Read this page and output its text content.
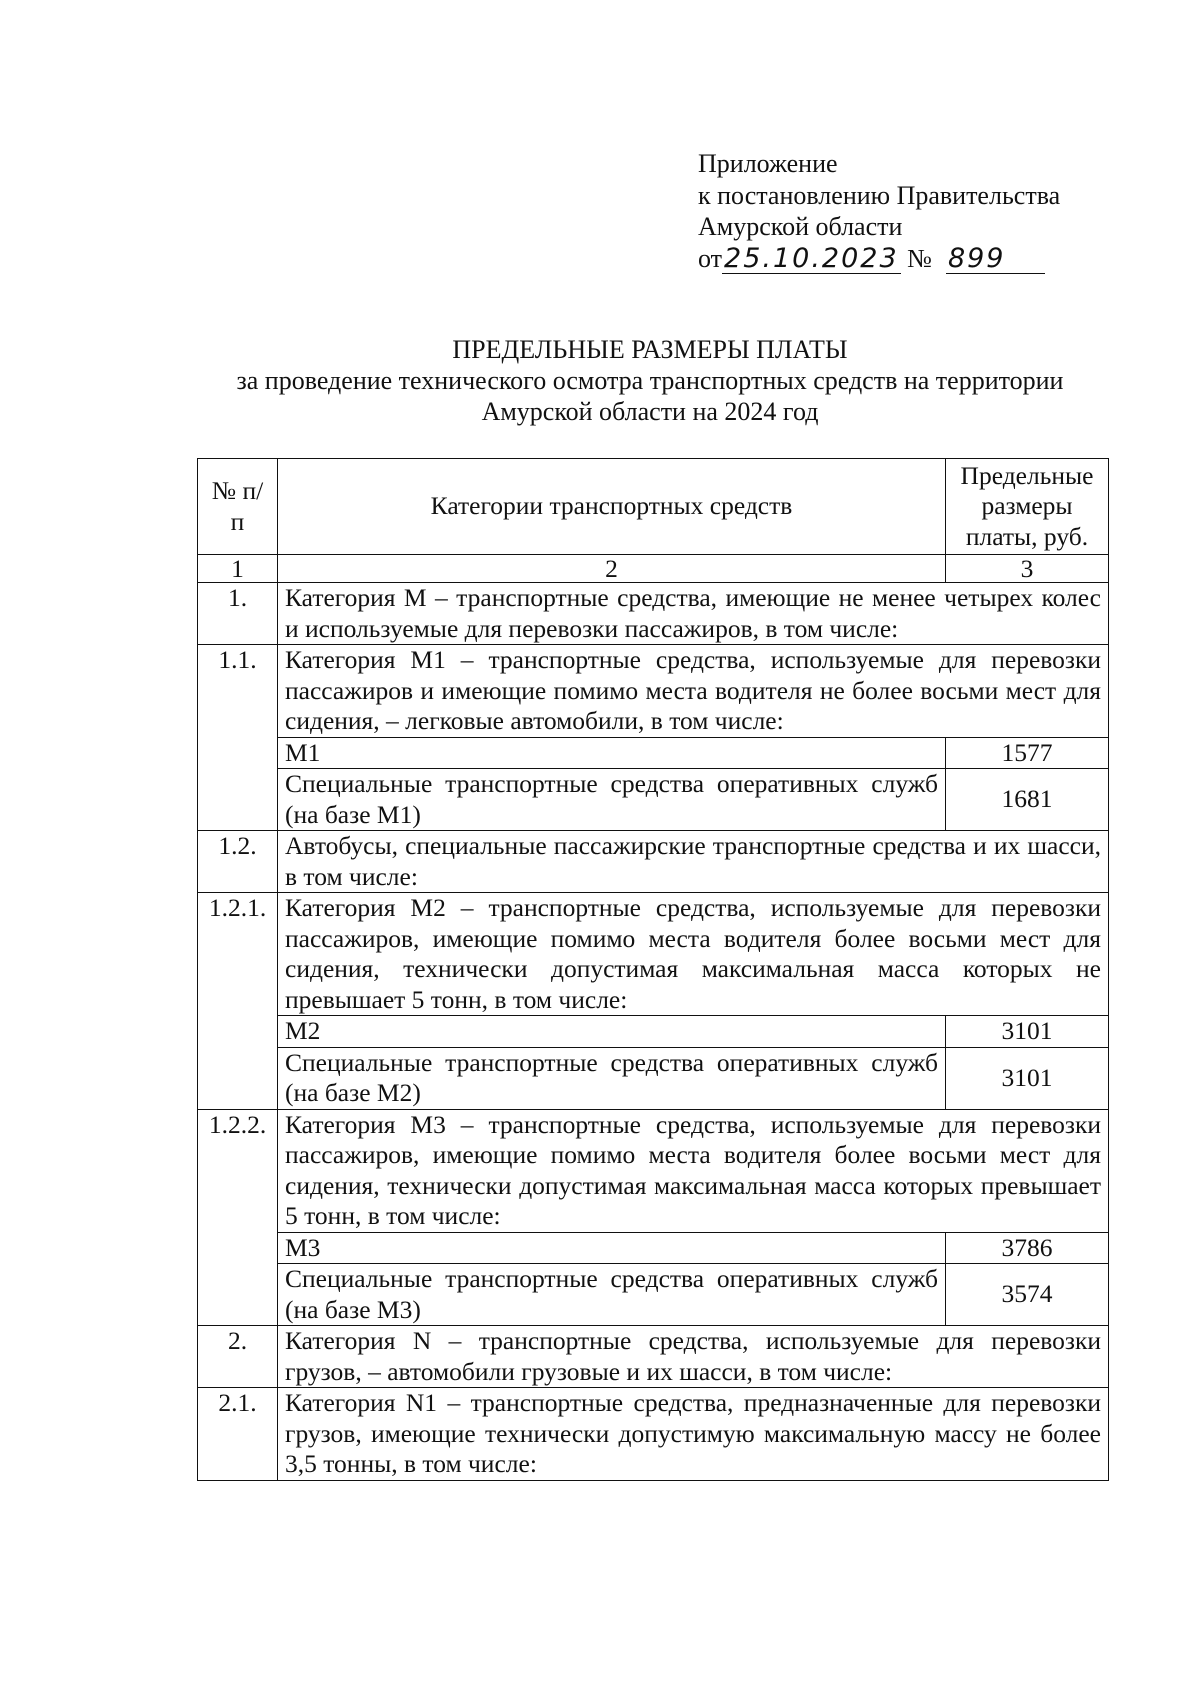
Приложение
к постановлению Правительства
Амурской области
от25.10.2023 № 899
ПРЕДЕЛЬНЫЕ РАЗМЕРЫ ПЛАТЫ
за проведение технического осмотра транспортных средств на территории
Амурской области на 2024 год
№ п/п	Категории транспортных средств	Предельные размеры платы, руб.
1	2	3
1.	Категория М – транспортные средства, имеющие не менее четырех колес и используемые для перевозки пассажиров, в том числе:	
1.1.	Категория М1 – транспортные средства, используемые для перевозки пассажиров и имеющие помимо места водителя не более восьми мест для сидения, – легковые автомобили, в том числе:	
	М1	1577
	Специальные транспортные средства оперативных служб (на базе М1)	1681
1.2.	Автобусы, специальные пассажирские транспортные средства и их шасси, в том числе:	
1.2.1.	Категория М2 – транспортные средства, используемые для перевозки пассажиров, имеющие помимо места водителя более восьми мест для сидения, технически допустимая максимальная масса которых не превышает 5 тонн, в том числе:	
	М2	3101
	Специальные транспортные средства оперативных служб (на базе М2)	3101
1.2.2.	Категория М3 – транспортные средства, используемые для перевозки пассажиров, имеющие помимо места водителя более восьми мест для сидения, технически допустимая максимальная масса которых превышает 5 тонн, в том числе:	
	М3	3786
	Специальные транспортные средства оперативных служб (на базе М3)	3574
2.	Категория N – транспортные средства, используемые для перевозки грузов, – автомобили грузовые и их шасси, в том числе:	
2.1.	Категория N1 – транспортные средства, предназначенные для перевозки грузов, имеющие технически допустимую максимальную массу не более 3,5 тонны, в том числе:	
